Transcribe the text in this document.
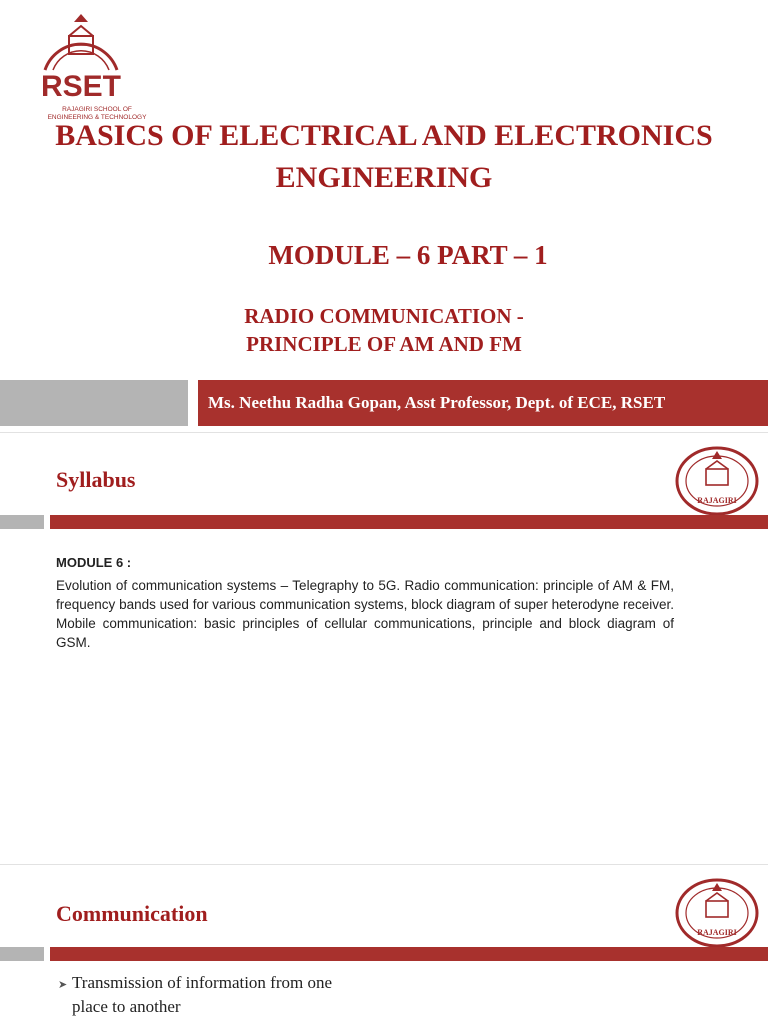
RSET
RAJAGIRI SCHOOL OF
ENGINEERING & TECHNOLOGY
BASICS OF ELECTRICAL AND ELECTRONICS
ENGINEERING
MODULE – 6 PART – 1
RADIO COMMUNICATION -
PRINCIPLE OF AM AND FM
Ms. Neethu Radha Gopan, Asst Professor, Dept. of ECE, RSET
Syllabus
RAJAGIRI
MODULE 6 :
Evolution of communication systems – Telegraphy to 5G. Radio communication: principle of AM & FM, frequency bands used for various communication systems, block diagram of super heterodyne receiver. Mobile communication: basic principles of cellular communications, principle and block diagram of GSM.
Communication
RAJAGIRI
➤ Transmission of information from one
place to another
